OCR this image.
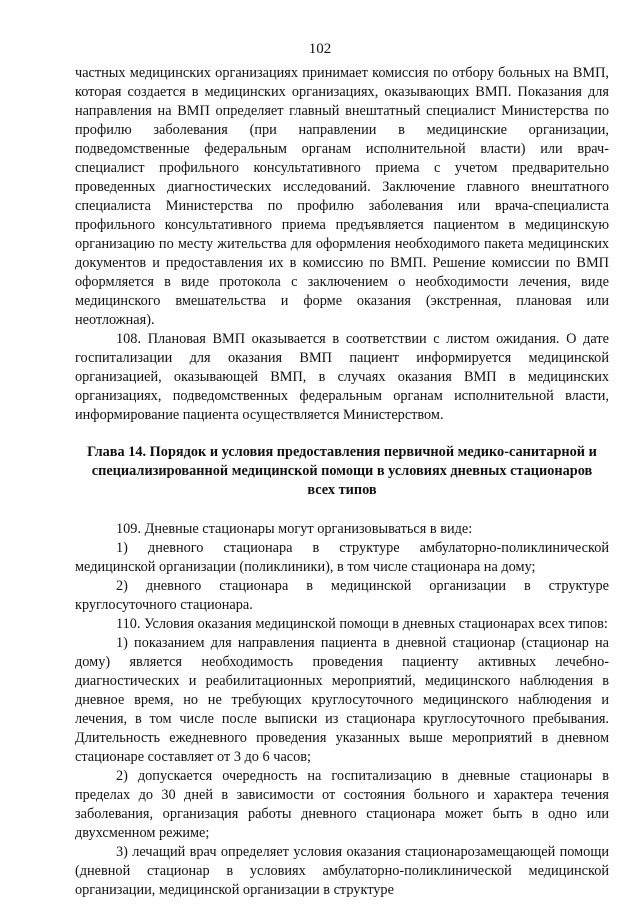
102

частных медицинских организациях принимает комиссия по отбору больных на ВМП, которая создается в медицинских организациях, оказывающих ВМП. Показания для направления на ВМП определяет главный внештатный специалист Министерства по профилю заболевания (при направлении в медицинские организации, подведомственные федеральным органам исполнительной власти) или врач-специалист профильного консультативного приема с учетом предварительно проведенных диагностических исследований. Заключение главного внештатного специалиста Министерства по профилю заболевания или врача-специалиста профильного консультативного приема предъявляется пациентом в медицинскую организацию по месту жительства для оформления необходимого пакета медицинских документов и предоставления их в комиссию по ВМП. Решение комиссии по ВМП оформляется в виде протокола с заключением о необходимости лечения, виде медицинского вмешательства и форме оказания (экстренная, плановая или неотложная).

108. Плановая ВМП оказывается в соответствии с листом ожидания. О дате госпитализации для оказания ВМП пациент информируется медицинской организацией, оказывающей ВМП, в случаях оказания ВМП в медицинских организациях, подведомственных федеральным органам исполнительной власти, информирование пациента осуществляется Министерством.

Глава 14. Порядок и условия предоставления первичной медико-санитарной и специализированной медицинской помощи в условиях дневных стационаров всех типов

109. Дневные стационары могут организовываться в виде:

1) дневного стационара в структуре амбулаторно-поликлинической медицинской организации (поликлиники), в том числе стационара на дому;

2) дневного стационара в медицинской организации в структуре круглосуточного стационара.

110. Условия оказания медицинской помощи в дневных стационарах всех типов:

1) показанием для направления пациента в дневной стационар (стационар на дому) является необходимость проведения пациенту активных лечебно-диагностических и реабилитационных мероприятий, медицинского наблюдения в дневное время, но не требующих круглосуточного медицинского наблюдения и лечения, в том числе после выписки из стационара круглосуточного пребывания. Длительность ежедневного проведения указанных выше мероприятий в дневном стационаре составляет от 3 до 6 часов;

2) допускается очередность на госпитализацию в дневные стационары в пределах до 30 дней в зависимости от состояния больного и характера течения заболевания, организация работы дневного стационара может быть в одно или двухсменном режиме;

3) лечащий врач определяет условия оказания стационарозамещающей помощи (дневной стационар в условиях амбулаторно-поликлинической медицинской организации, медицинской организации в структуре
